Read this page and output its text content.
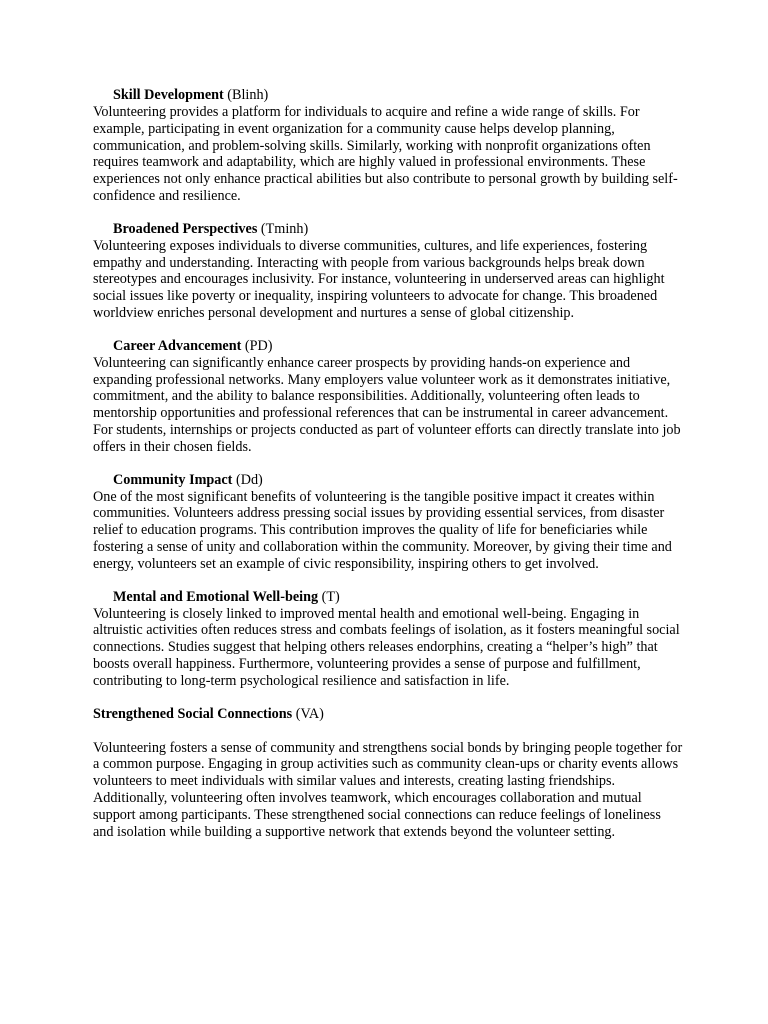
Skill Development (Blinh)

Volunteering provides a platform for individuals to acquire and refine a wide range of skills. For example, participating in event organization for a community cause helps develop planning, communication, and problem-solving skills. Similarly, working with nonprofit organizations often requires teamwork and adaptability, which are highly valued in professional environments. These experiences not only enhance practical abilities but also contribute to personal growth by building self-confidence and resilience.

Broadened Perspectives (Tminh)

Volunteering exposes individuals to diverse communities, cultures, and life experiences, fostering empathy and understanding. Interacting with people from various backgrounds helps break down stereotypes and encourages inclusivity. For instance, volunteering in underserved areas can highlight social issues like poverty or inequality, inspiring volunteers to advocate for change. This broadened worldview enriches personal development and nurtures a sense of global citizenship.

Career Advancement (PD)

Volunteering can significantly enhance career prospects by providing hands-on experience and expanding professional networks. Many employers value volunteer work as it demonstrates initiative, commitment, and the ability to balance responsibilities. Additionally, volunteering often leads to mentorship opportunities and professional references that can be instrumental in career advancement. For students, internships or projects conducted as part of volunteer efforts can directly translate into job offers in their chosen fields.

Community Impact (Dd)

One of the most significant benefits of volunteering is the tangible positive impact it creates within communities. Volunteers address pressing social issues by providing essential services, from disaster relief to education programs. This contribution improves the quality of life for beneficiaries while fostering a sense of unity and collaboration within the community. Moreover, by giving their time and energy, volunteers set an example of civic responsibility, inspiring others to get involved.

Mental and Emotional Well-being (T)

Volunteering is closely linked to improved mental health and emotional well-being. Engaging in altruistic activities often reduces stress and combats feelings of isolation, as it fosters meaningful social connections. Studies suggest that helping others releases endorphins, creating a “helper’s high” that boosts overall happiness. Furthermore, volunteering provides a sense of purpose and fulfillment, contributing to long-term psychological resilience and satisfaction in life.

Strengthened Social Connections (VA)

Volunteering fosters a sense of community and strengthens social bonds by bringing people together for a common purpose. Engaging in group activities such as community clean-ups or charity events allows volunteers to meet individuals with similar values and interests, creating lasting friendships. Additionally, volunteering often involves teamwork, which encourages collaboration and mutual support among participants. These strengthened social connections can reduce feelings of loneliness and isolation while building a supportive network that extends beyond the volunteer setting.
